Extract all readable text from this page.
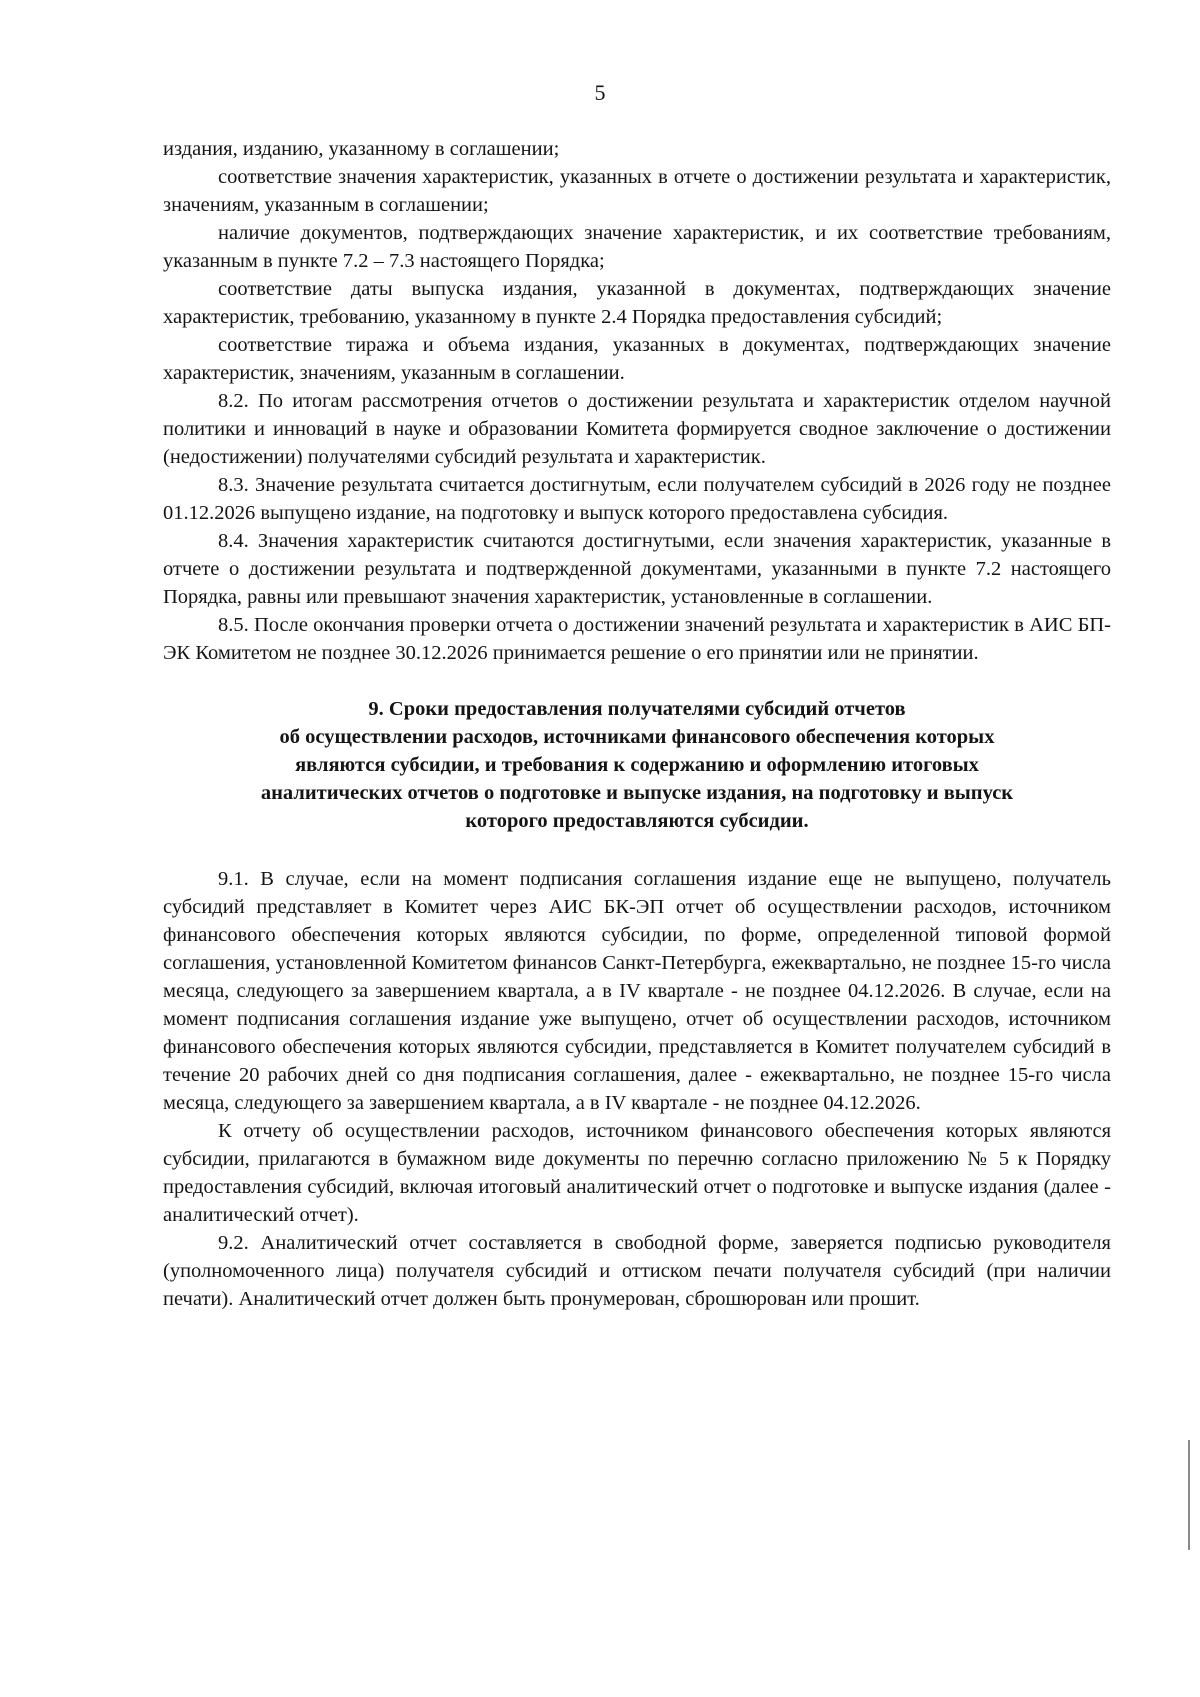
5

издания, изданию, указанному в соглашении;

соответствие значения характеристик, указанных в отчете о достижении результата и характеристик, значениям, указанным в соглашении;

наличие документов, подтверждающих значение характеристик, и их соответствие требованиям, указанным в пункте 7.2 – 7.3 настоящего Порядка;

соответствие даты выпуска издания, указанной в документах, подтверждающих значение характеристик, требованию, указанному в пункте 2.4 Порядка предоставления субсидий;

соответствие тиража и объема издания, указанных в документах, подтверждающих значение характеристик, значениям, указанным в соглашении.

8.2. По итогам рассмотрения отчетов о достижении результата и характеристик отделом научной политики и инноваций в науке и образовании Комитета формируется сводное заключение о достижении (недостижении) получателями субсидий результата и характеристик.

8.3. Значение результата считается достигнутым, если получателем субсидий в 2026 году не позднее 01.12.2026 выпущено издание, на подготовку и выпуск которого предоставлена субсидия.

8.4. Значения характеристик считаются достигнутыми, если значения характеристик, указанные в отчете о достижении результата и подтвержденной документами, указанными в пункте 7.2 настоящего Порядка, равны или превышают значения характеристик, установленные в соглашении.

8.5. После окончания проверки отчета о достижении значений результата и характеристик в АИС БП-ЭК Комитетом не позднее 30.12.2026 принимается решение о его принятии или не принятии.

9. Сроки предоставления получателями субсидий отчетов
об осуществлении расходов, источниками финансового обеспечения которых
являются субсидии, и требования к содержанию и оформлению итоговых
аналитических отчетов о подготовке и выпуске издания, на подготовку и выпуск
которого предоставляются субсидии.

9.1. В случае, если на момент подписания соглашения издание еще не выпущено, получатель субсидий представляет в Комитет через АИС БК-ЭП отчет об осуществлении расходов, источником финансового обеспечения которых являются субсидии, по форме, определенной типовой формой соглашения, установленной Комитетом финансов Санкт-Петербурга, ежеквартально, не позднее 15-го числа месяца, следующего за завершением квартала, а в IV квартале - не позднее 04.12.2026. В случае, если на момент подписания соглашения издание уже выпущено, отчет об осуществлении расходов, источником финансового обеспечения которых являются субсидии, представляется в Комитет получателем субсидий в течение 20 рабочих дней со дня подписания соглашения, далее - ежеквартально, не позднее 15-го числа месяца, следующего за завершением квартала, а в IV квартале - не позднее 04.12.2026.

К отчету об осуществлении расходов, источником финансового обеспечения которых являются субсидии, прилагаются в бумажном виде документы по перечню согласно приложению № 5 к Порядку предоставления субсидий, включая итоговый аналитический отчет о подготовке и выпуске издания (далее - аналитический отчет).

9.2. Аналитический отчет составляется в свободной форме, заверяется подписью руководителя (уполномоченного лица) получателя субсидий и оттиском печати получателя субсидий (при наличии печати). Аналитический отчет должен быть пронумерован, сброшюрован или прошит.
